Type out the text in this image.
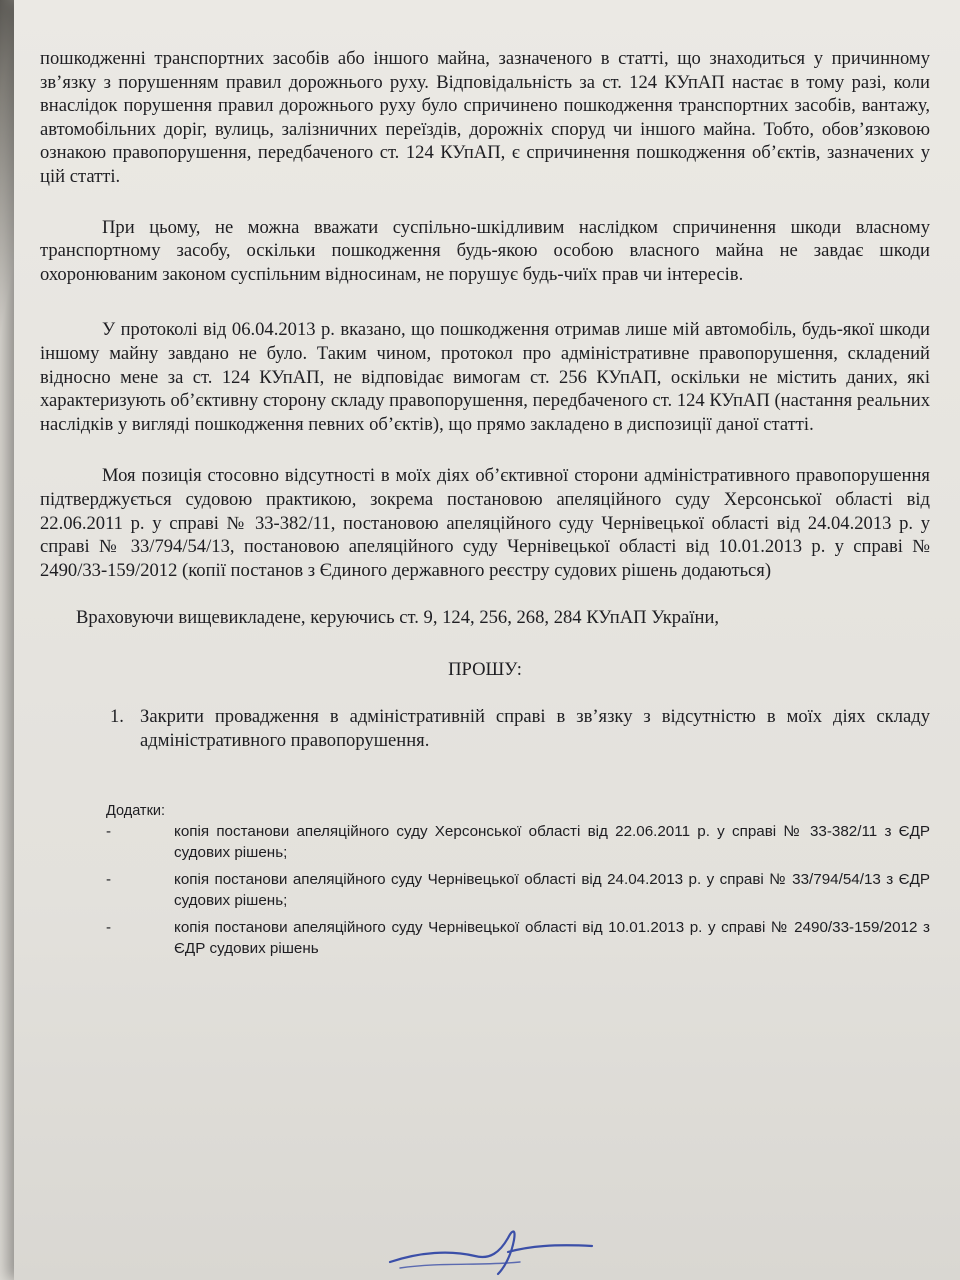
пошкодженні транспортних засобів або іншого майна, зазначеного в статті, що знаходиться у причинному зв’язку з порушенням правил дорожнього руху. Відповідальність за ст. 124 КУпАП настає в тому разі, коли внаслідок порушення правил дорожнього руху було спричинено пошкодження транспортних засобів, вантажу, автомобільних доріг, вулиць, залізничних переїздів, дорожніх споруд чи іншого майна. Тобто, обов’язковою ознакою правопорушення, передбаченого ст. 124 КУпАП, є спричинення пошкодження об’єктів, зазначених у цій статті.

При цьому, не можна вважати суспільно-шкідливим наслідком спричинення шкоди власному транспортному засобу, оскільки пошкодження будь-якою особою власного майна не завдає шкоди охоронюваним законом суспільним відносинам, не порушує будь-чиїх прав чи інтересів.

У протоколі від 06.04.2013 р. вказано, що пошкодження отримав лише мій автомобіль, будь-якої шкоди іншому майну завдано не було. Таким чином, протокол про адміністративне правопорушення, складений відносно мене за ст. 124 КУпАП, не відповідає вимогам ст. 256 КУпАП, оскільки не містить даних, які характеризують об’єктивну сторону складу правопорушення, передбаченого ст. 124 КУпАП (настання реальних наслідків у вигляді пошкодження певних об’єктів), що прямо закладено в диспозиції даної статті.

Моя позиція стосовно відсутності в моїх діях об’єктивної сторони адміністративного правопорушення підтверджується судовою практикою, зокрема постановою апеляційного суду Херсонської області від 22.06.2011 р. у справі № 33-382/11, постановою апеляційного суду Чернівецької області від 24.04.2013 р. у справі № 33/794/54/13, постановою апеляційного суду Чернівецької області від 10.01.2013 р. у справі № 2490/33-159/2012 (копії постанов з Єдиного державного реєстру судових рішень додаються)

Враховуючи вищевикладене, керуючись ст. 9, 124, 256, 268, 284 КУпАП України,

ПРОШУ:

1. Закрити провадження в адміністративній справі в зв’язку з відсутністю в моїх діях складу адміністративного правопорушення.

Додатки:

-	копія постанови апеляційного суду Херсонської області від 22.06.2011 р. у справі № 33-382/11 з ЄДР судових рішень;
-	копія постанови апеляційного суду Чернівецької області від 24.04.2013 р. у справі № 33/794/54/13 з ЄДР судових рішень;
-	копія постанови апеляційного суду Чернівецької області від 10.01.2013 р. у справі № 2490/33-159/2012 з ЄДР судових рішень
